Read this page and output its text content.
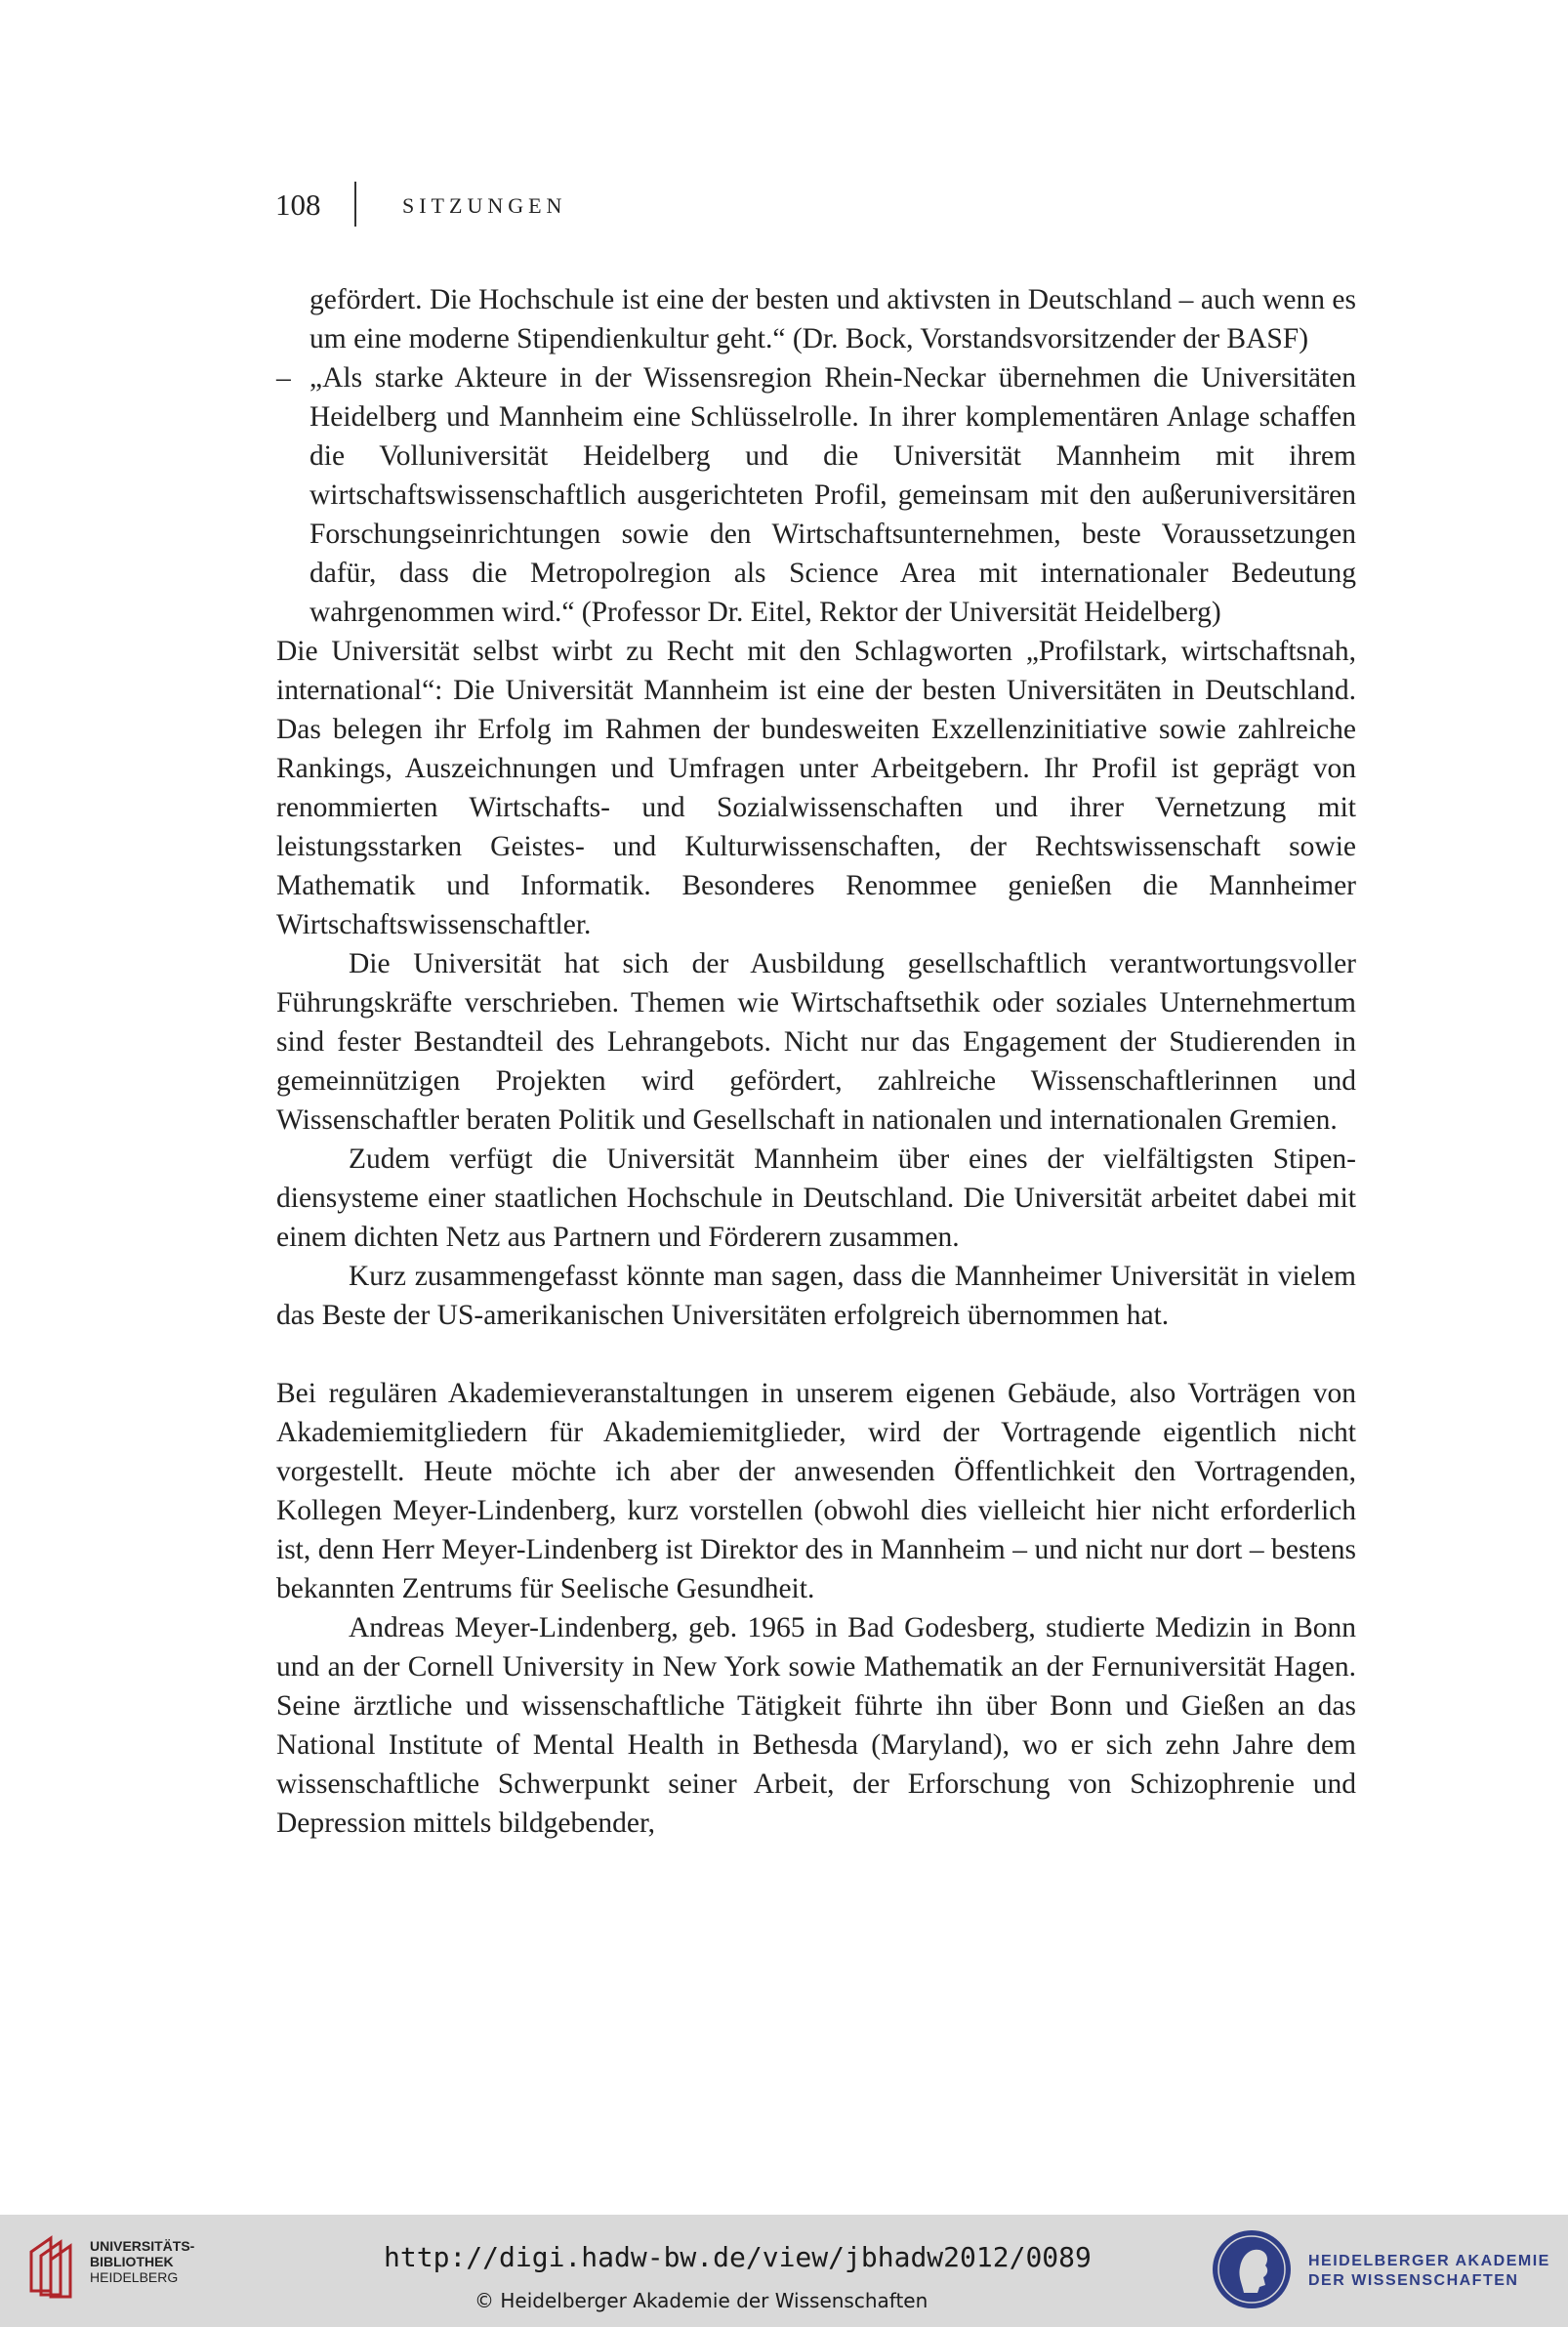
108	SITZUNGEN

gefördert. Die Hochschule ist eine der besten und aktivsten in Deutschland – auch wenn es um eine moderne Stipendienkultur geht.“ (Dr. Bock, Vorstandsvorsitzender der BASF)

– „Als starke Akteure in der Wissensregion Rhein-Neckar übernehmen die Universitäten Heidelberg und Mannheim eine Schlüsselrolle. In ihrer komplementären Anlage schaffen die Volluniversität Heidelberg und die Universität Mannheim mit ihrem wirtschaftswissenschaftlich ausgerichteten Profil, gemeinsam mit den außeruniversitären Forschungseinrichtungen sowie den Wirtschaftsunternehmen, beste Voraussetzungen dafür, dass die Metropolregion als Science Area mit internationaler Bedeutung wahrgenommen wird.“ (Professor Dr. Eitel, Rektor der Universität Heidelberg)

Die Universität selbst wirbt zu Recht mit den Schlagworten „Profilstark, wirtschaftsnah, international“: Die Universität Mannheim ist eine der besten Universitäten in Deutschland. Das belegen ihr Erfolg im Rahmen der bundesweiten Exzellenzinitiative sowie zahlreiche Rankings, Auszeichnungen und Umfragen unter Arbeitgebern. Ihr Profil ist geprägt von renommierten Wirtschafts- und Sozialwissenschaften und ihrer Vernetzung mit leistungsstarken Geistes- und Kulturwissenschaften, der Rechtswissenschaft sowie Mathematik und Informatik. Besonderes Renommee genießen die Mannheimer Wirtschaftswissenschaftler.

Die Universität hat sich der Ausbildung gesellschaftlich verantwortungsvoller Führungskräfte verschrieben. Themen wie Wirtschaftsethik oder soziales Unternehmertum sind fester Bestandteil des Lehrangebots. Nicht nur das Engagement der Studierenden in gemeinnützigen Projekten wird gefördert, zahlreiche Wissenschaftlerinnen und Wissenschaftler beraten Politik und Gesellschaft in nationalen und internationalen Gremien.

Zudem verfügt die Universität Mannheim über eines der vielfältigsten Stipendiensysteme einer staatlichen Hochschule in Deutschland. Die Universität arbeitet dabei mit einem dichten Netz aus Partnern und Förderern zusammen.

Kurz zusammengefasst könnte man sagen, dass die Mannheimer Universität in vielem das Beste der US-amerikanischen Universitäten erfolgreich übernommen hat.

Bei regulären Akademieveranstaltungen in unserem eigenen Gebäude, also Vorträgen von Akademiemitgliedern für Akademiemitglieder, wird der Vortragende eigentlich nicht vorgestellt. Heute möchte ich aber der anwesenden Öffentlichkeit den Vortragenden, Kollegen Meyer-Lindenberg, kurz vorstellen (obwohl dies vielleicht hier nicht erforderlich ist, denn Herr Meyer-Lindenberg ist Direktor des in Mannheim – und nicht nur dort – bestens bekannten Zentrums für Seelische Gesundheit.

Andreas Meyer-Lindenberg, geb. 1965 in Bad Godesberg, studierte Medizin in Bonn und an der Cornell University in New York sowie Mathematik an der Fernuniversität Hagen. Seine ärztliche und wissenschaftliche Tätigkeit führte ihn über Bonn und Gießen an das National Institute of Mental Health in Bethesda (Maryland), wo er sich zehn Jahre dem wissenschaftliche Schwerpunkt seiner Arbeit, der Erforschung von Schizophrenie und Depression mittels bildgebender,

UNIVERSITÄTS-
BIBLIOTHEK
HEIDELBERG
http://digi.hadw-bw.de/view/jbhadw2012/0089
© Heidelberger Akademie der Wissenschaften
HEIDELBERGER AKADEMIE
DER WISSENSCHAFTEN
